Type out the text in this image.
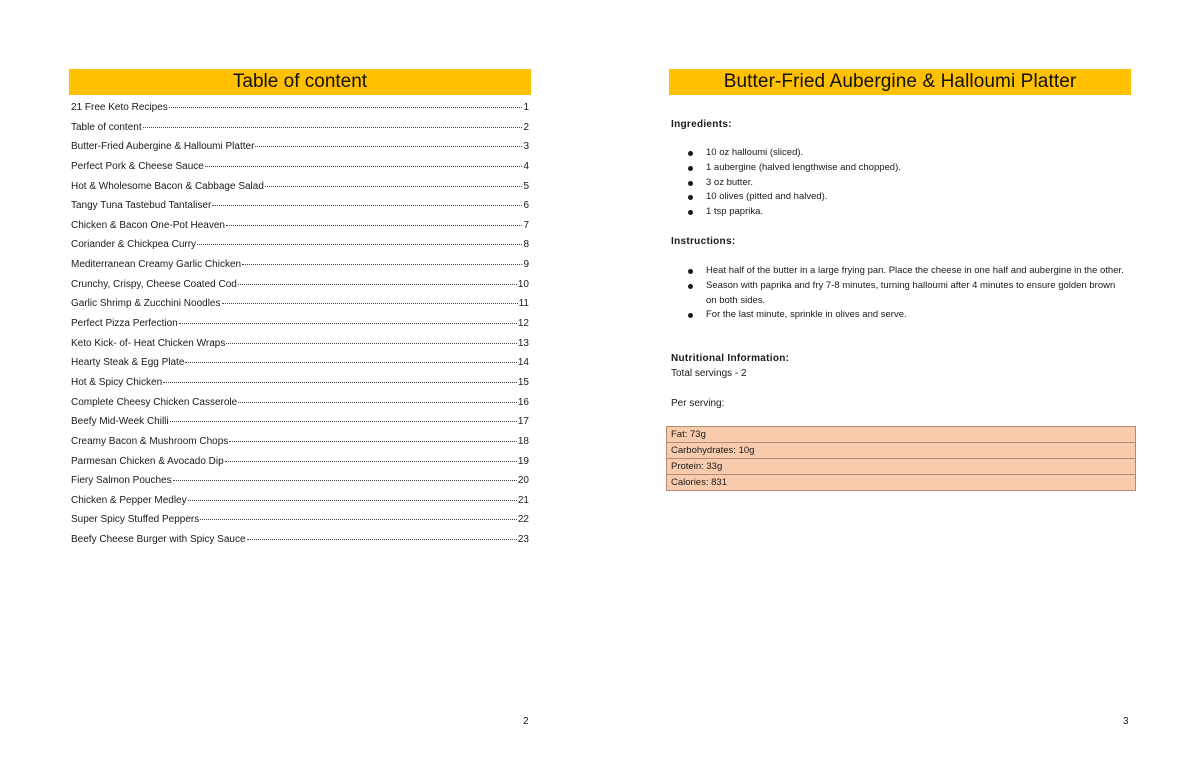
Table of content
21 Free Keto Recipes	1
Table of content	2
Butter-Fried Aubergine & Halloumi Platter	3
Perfect Pork & Cheese Sauce	4
Hot & Wholesome Bacon & Cabbage Salad	5
Tangy Tuna Tastebud Tantaliser	6
Chicken & Bacon One-Pot Heaven	7
Coriander & Chickpea Curry	8
Mediterranean Creamy Garlic Chicken	9
Crunchy, Crispy, Cheese Coated Cod	10
Garlic Shrimp & Zucchini Noodles	11
Perfect Pizza Perfection	12
Keto Kick- of- Heat Chicken Wraps	13
Hearty Steak & Egg Plate	14
Hot & Spicy Chicken	15
Complete Cheesy Chicken Casserole	16
Beefy Mid-Week Chilli	17
Creamy Bacon & Mushroom Chops	18
Parmesan Chicken & Avocado Dip	19
Fiery Salmon Pouches	20
Chicken & Pepper Medley	21
Super Spicy Stuffed Peppers	22
Beefy Cheese Burger with Spicy Sauce	23
2
Butter-Fried Aubergine & Halloumi Platter
Ingredients:
10 oz halloumi (sliced).
1 aubergine (halved lengthwise and chopped).
3 oz butter.
10 olives (pitted and halved).
1 tsp paprika.
Instructions:
Heat half of the butter in a large frying pan. Place the cheese in one half and aubergine in the other.
Season with paprika and fry 7-8 minutes, turning halloumi after 4 minutes to ensure golden brown on both sides.
For the last minute, sprinkle in olives and serve.
Nutritional Information:
Total servings - 2
Per serving:
Fat: 73g
Carbohydrates: 10g
Protein: 33g
Calories: 831
3
